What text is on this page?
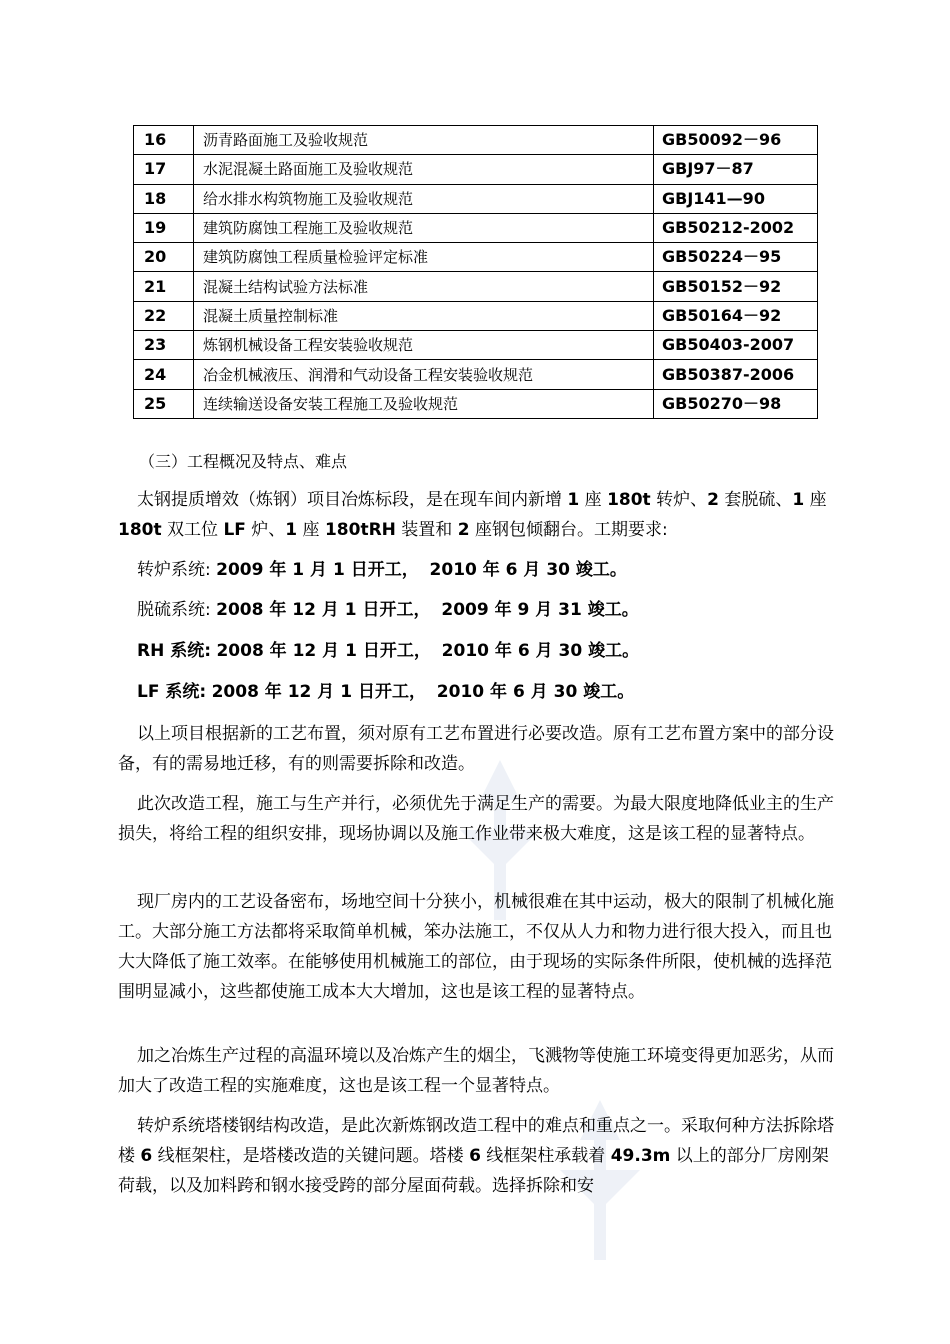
16	沥青路面施工及验收规范	GB50092－96
17	水泥混凝土路面施工及验收规范	GBJ97－87
18	给水排水构筑物施工及验收规范	GBJ141—90
19	建筑防腐蚀工程施工及验收规范	GB50212-2002
20	建筑防腐蚀工程质量检验评定标准	GB50224－95
21	混凝土结构试验方法标准	GB50152－92
22	混凝土质量控制标准	GB50164－92
23	炼钢机械设备工程安装验收规范	GB50403-2007
24	冶金机械液压、润滑和气动设备工程安装验收规范	GB50387-2006
25	连续输送设备安装工程施工及验收规范	GB50270－98

（三）工程概况及特点、难点

太钢提质增效（炼钢）项目冶炼标段，是在现车间内新增 1 座 180t 转炉、2 套脱硫、1 座 180t 双工位 LF 炉、1 座 180tRH 装置和 2 座钢包倾翻台。工期要求:

转炉系统: 2009 年 1 月 1 日开工， 2010 年 6 月 30 竣工。

脱硫系统: 2008 年 12 月 1 日开工， 2009 年 9 月 31 竣工。

RH 系统: 2008 年 12 月 1 日开工， 2010 年 6 月 30 竣工。

LF 系统: 2008 年 12 月 1 日开工， 2010 年 6 月 30 竣工。

以上项目根据新的工艺布置，须对原有工艺布置进行必要改造。原有工艺布置方案中的部分设备，有的需易地迁移，有的则需要拆除和改造。

此次改造工程，施工与生产并行，必须优先于满足生产的需要。为最大限度地降低业主的生产损失，将给工程的组织安排，现场协调以及施工作业带来极大难度，这是该工程的显著特点。

现厂房内的工艺设备密布，场地空间十分狭小，机械很难在其中运动，极大的限制了机械化施工。大部分施工方法都将采取简单机械，笨办法施工，不仅从人力和物力进行很大投入，而且也大大降低了施工效率。在能够使用机械施工的部位，由于现场的实际条件所限，使机械的选择范围明显减小，这些都使施工成本大大增加，这也是该工程的显著特点。

加之冶炼生产过程的高温环境以及冶炼产生的烟尘，飞溅物等使施工环境变得更加恶劣，从而加大了改造工程的实施难度，这也是该工程一个显著特点。

转炉系统塔楼钢结构改造，是此次新炼钢改造工程中的难点和重点之一。采取何种方法拆除塔楼 6 线框架柱，是塔楼改造的关键问题。塔楼 6 线框架柱承载着 49.3m 以上的部分厂房刚架荷载，以及加料跨和钢水接受跨的部分屋面荷载。选择拆除和安
